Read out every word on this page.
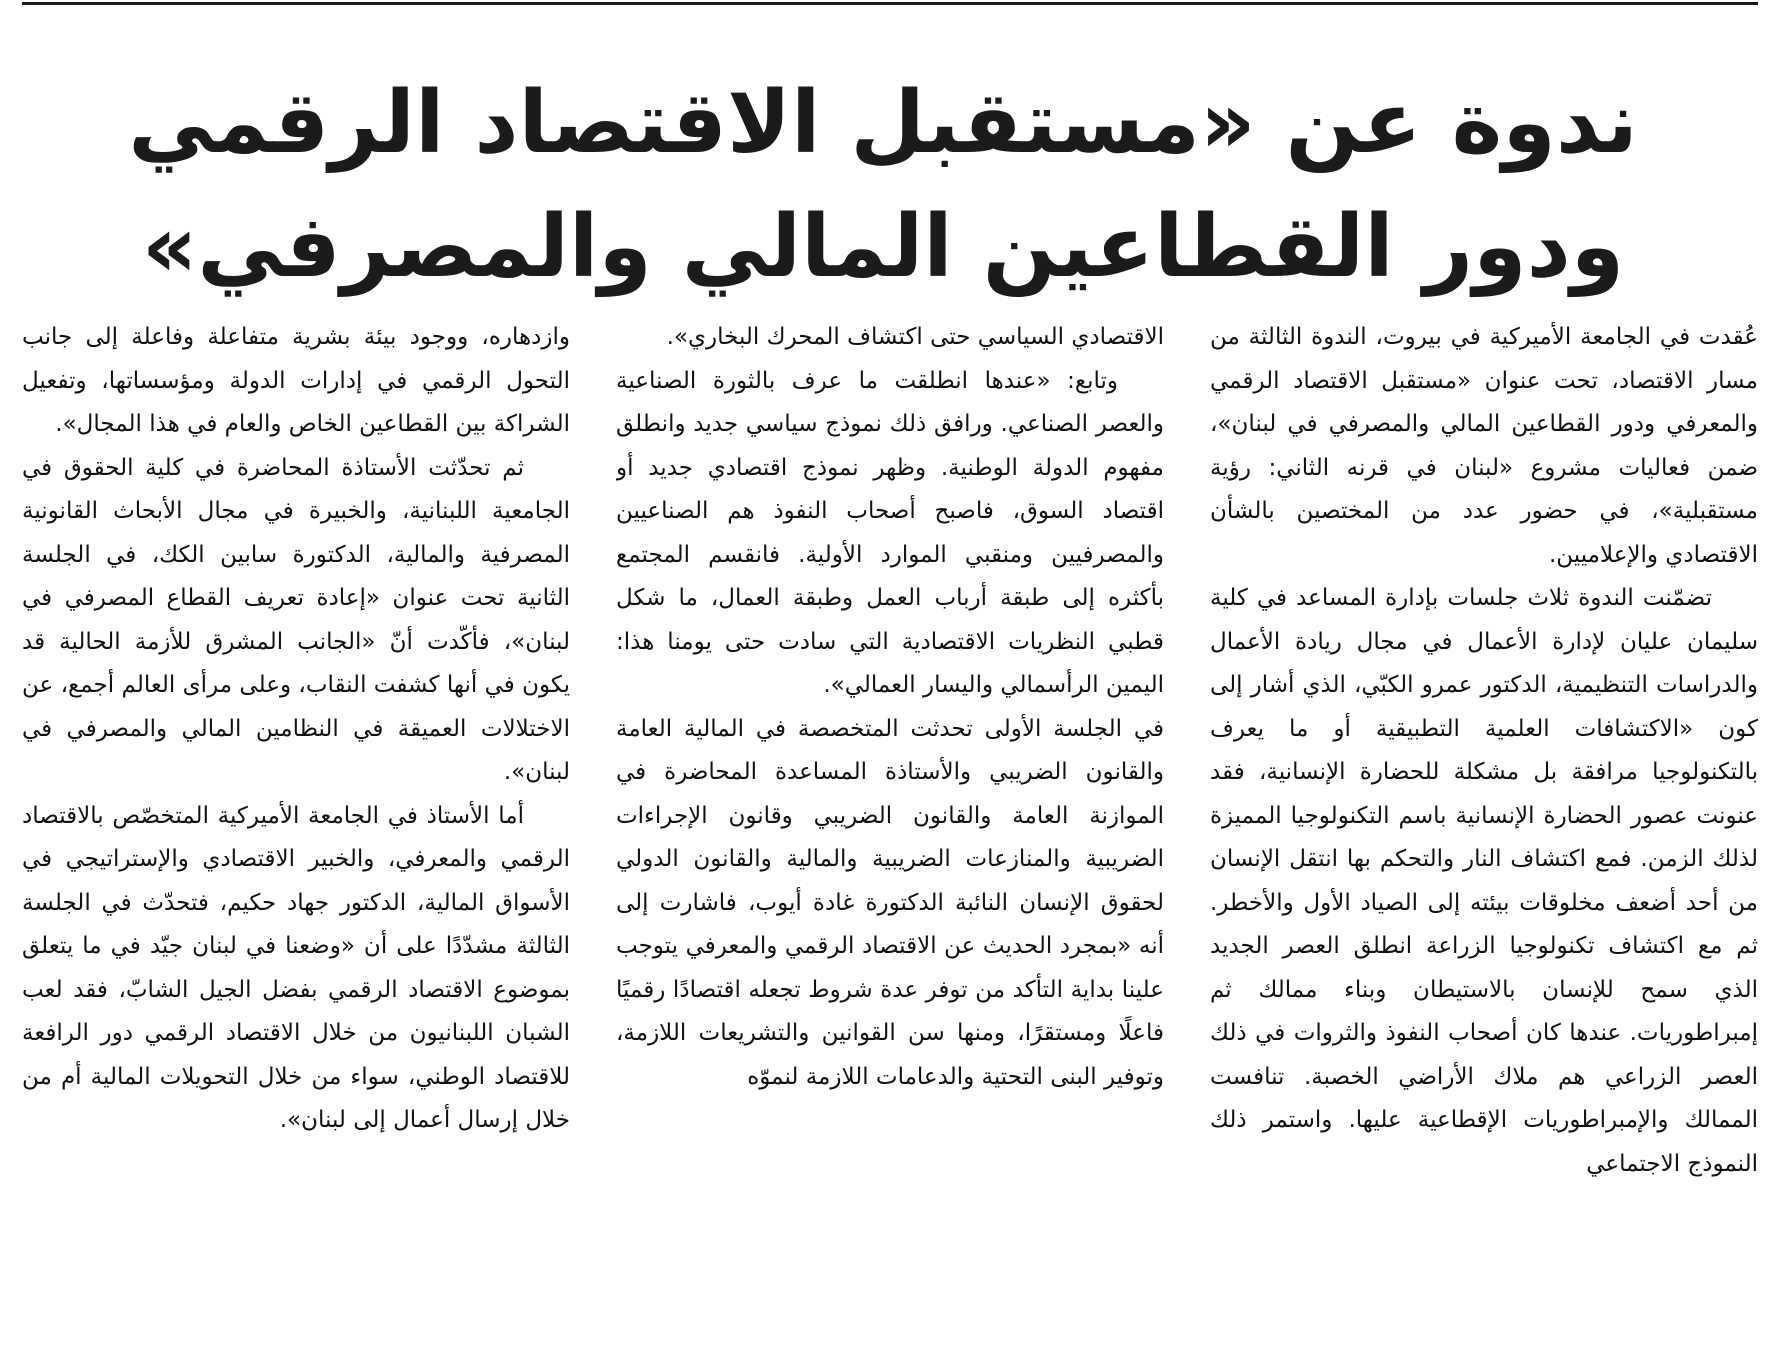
ندوة عن «مستقبل الاقتصاد الرقمي
ودور القطاعين المالي والمصرفي»

عُقدت في الجامعة الأميركية في بيروت، الندوة الثالثة من مسار الاقتصاد، تحت عنوان «مستقبل الاقتصاد الرقمي والمعرفي ودور القطاعين المالي والمصرفي في لبنان»، ضمن فعاليات مشروع «لبنان في قرنه الثاني: رؤية مستقبلية»، في حضور عدد من المختصين بالشأن الاقتصادي والإعلاميين.

تضمّنت الندوة ثلاث جلسات بإدارة المساعد في كلية سليمان عليان لإدارة الأعمال في مجال ريادة الأعمال والدراسات التنظيمية، الدكتور عمرو الكبّي، الذي أشار إلى كون «الاكتشافات العلمية التطبيقية أو ما يعرف بالتكنولوجيا مرافقة بل مشكلة للحضارة الإنسانية، فقد عنونت عصور الحضارة الإنسانية باسم التكنولوجيا المميزة لذلك الزمن. فمع اكتشاف النار والتحكم بها انتقل الإنسان من أحد أضعف مخلوقات بيئته إلى الصياد الأول والأخطر. ثم مع اكتشاف تكنولوجيا الزراعة انطلق العصر الجديد الذي سمح للإنسان بالاستيطان وبناء ممالك ثم إمبراطوريات. عندها كان أصحاب النفوذ والثروات في ذلك العصر الزراعي هم ملاك الأراضي الخصبة. تنافست الممالك والإمبراطوريات الإقطاعية عليها. واستمر ذلك النموذج الاجتماعي

الاقتصادي السياسي حتى اكتشاف المحرك البخاري».

وتابع: «عندها انطلقت ما عرف بالثورة الصناعية والعصر الصناعي. ورافق ذلك نموذج سياسي جديد وانطلق مفهوم الدولة الوطنية. وظهر نموذج اقتصادي جديد أو اقتصاد السوق، فاصبح أصحاب النفوذ هم الصناعيين والمصرفيين ومنقبي الموارد الأولية. فانقسم المجتمع بأكثره إلى طبقة أرباب العمل وطبقة العمال، ما شكل قطبي النظريات الاقتصادية التي سادت حتى يومنا هذا: اليمين الرأسمالي واليسار العمالي».

في الجلسة الأولى تحدثت المتخصصة في المالية العامة والقانون الضريبي والأستاذة المساعدة المحاضرة في الموازنة العامة والقانون الضريبي وقانون الإجراءات الضريبية والمنازعات الضريبية والمالية والقانون الدولي لحقوق الإنسان النائبة الدكتورة غادة أيوب، فاشارت إلى أنه «بمجرد الحديث عن الاقتصاد الرقمي والمعرفي يتوجب علينا بداية التأكد من توفر عدة شروط تجعله اقتصادًا رقميًا فاعلًا ومستقرًا، ومنها سن القوانين والتشريعات اللازمة، وتوفير البنى التحتية والدعامات اللازمة لنموّه

وازدهاره، ووجود بيئة بشرية متفاعلة وفاعلة إلى جانب التحول الرقمي في إدارات الدولة ومؤسساتها، وتفعيل الشراكة بين القطاعين الخاص والعام في هذا المجال».

ثم تحدّثت الأستاذة المحاضرة في كلية الحقوق في الجامعية اللبنانية، والخبيرة في مجال الأبحاث القانونية المصرفية والمالية، الدكتورة سابين الكك، في الجلسة الثانية تحت عنوان «إعادة تعريف القطاع المصرفي في لبنان»، فأكّدت أنّ «الجانب المشرق للأزمة الحالية قد يكون في أنها كشفت النقاب، وعلى مرأى العالم أجمع، عن الاختلالات العميقة في النظامين المالي والمصرفي في لبنان».

أما الأستاذ في الجامعة الأميركية المتخصّص بالاقتصاد الرقمي والمعرفي، والخبير الاقتصادي والإستراتيجي في الأسواق المالية، الدكتور جهاد حكيم، فتحدّث في الجلسة الثالثة مشدّدًا على أن «وضعنا في لبنان جيّد في ما يتعلق بموضوع الاقتصاد الرقمي بفضل الجيل الشابّ، فقد لعب الشبان اللبنانيون من خلال الاقتصاد الرقمي دور الرافعة للاقتصاد الوطني، سواء من خلال التحويلات المالية أم من خلال إرسال أعمال إلى لبنان».
